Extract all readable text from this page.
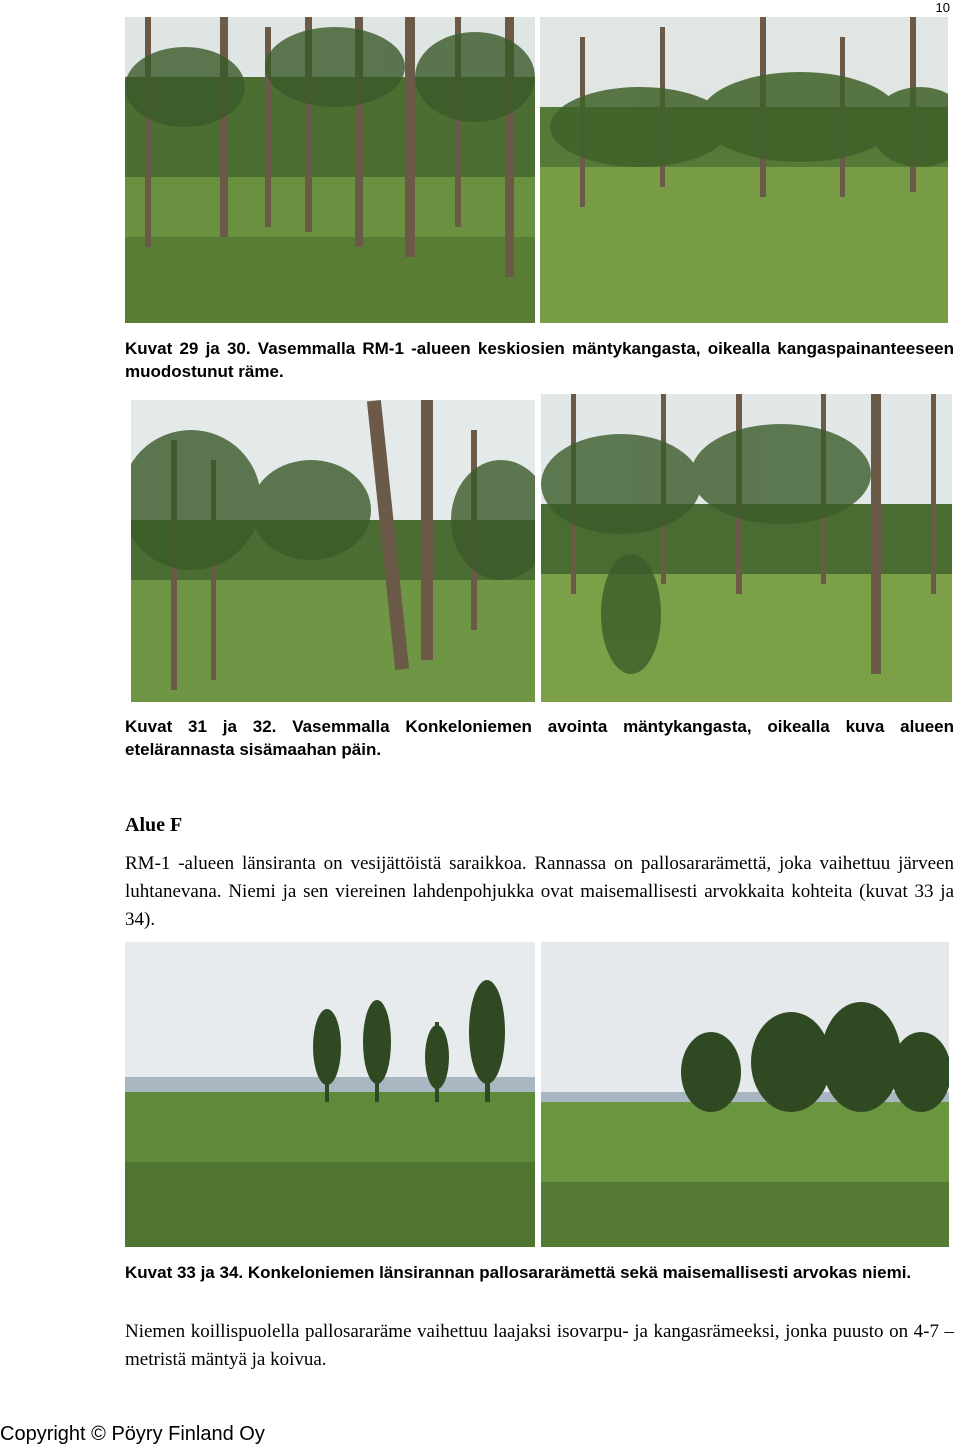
10
Kuvat 29 ja 30. Vasemmalla RM-1 -alueen keskiosien mäntykangasta, oikealla kangaspainanteeseen muodostunut räme.
Kuvat 31 ja 32. Vasemmalla Konkeloniemen avointa mäntykangasta, oikealla kuva alueen etelärannasta sisämaahan päin.
Alue F
RM-1 -alueen länsiranta on vesijättöistä saraikkoa. Rannassa on pallosararämettä, joka vaihettuu järveen luhtanevana. Niemi ja sen viereinen lahdenpohjukka ovat maisemallisesti arvokkaita kohteita (kuvat 33 ja 34).
Kuvat 33 ja 34. Konkeloniemen länsirannan pallosararämettä sekä maisemallisesti arvokas niemi.
Niemen koillispuolella pallosararäme vaihettuu laajaksi isovarpu- ja kangasrämeeksi, jonka puusto on 4-7 –metristä mäntyä ja koivua.
Copyright © Pöyry Finland Oy
